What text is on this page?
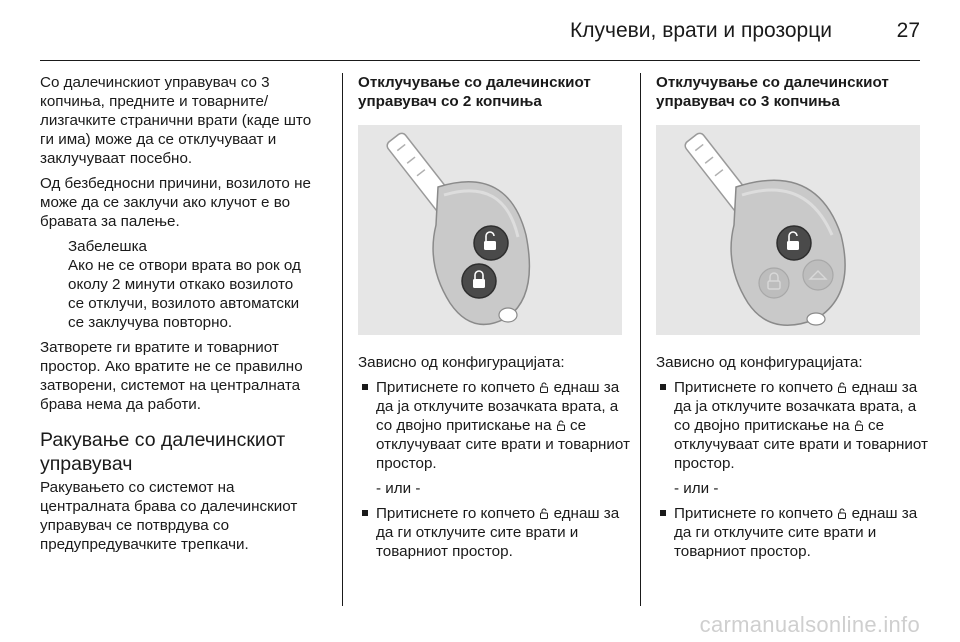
Клучеви, врати и прозорци	27

Со далечинскиот управувач со 3 копчиња, предните и товарните/ лизгачките странични врати (каде што ги има) може да се отклучуваат и заклучуваат посебно.

Од безбедносни причини, возилото не може да се заклучи ако клучот е во бравата за палење.

Забелешка
Ако не се отвори врата во рок од околу 2 минути откако возилото се отклучи, возилото автоматски се заклучува повторно.

Затворете ги вратите и товарниот простор. Ако вратите не се правилно затворени, системот на централната брава нема да работи.

Ракување со далечинскиот управувач

Ракувањето со системот на централната брава со далечинскиот управувач се потврдува со предупредувачките трепкачи.

Отклучување со далечинскиот управувач со 2 копчиња

Зависно од конфигурацијата:

Притиснете го копчето еднаш за да ја отклучите возачката врата, а со двојно притискање на се отклучуваат сите врати и товарниот простор.
- или -
Притиснете го копчето еднаш за да ги отклучите сите врати и товарниот простор.
Отклучување со далечинскиот управувач со 3 копчиња

Зависно од конфигурацијата:

Притиснете го копчето еднаш за да ја отклучите возачката врата, а со двојно притискање на се отклучуваат сите врати и товарниот простор.
- или -
Притиснете го копчето еднаш за да ги отклучите сите врати и товарниот простор.
carmanualsonline.info
